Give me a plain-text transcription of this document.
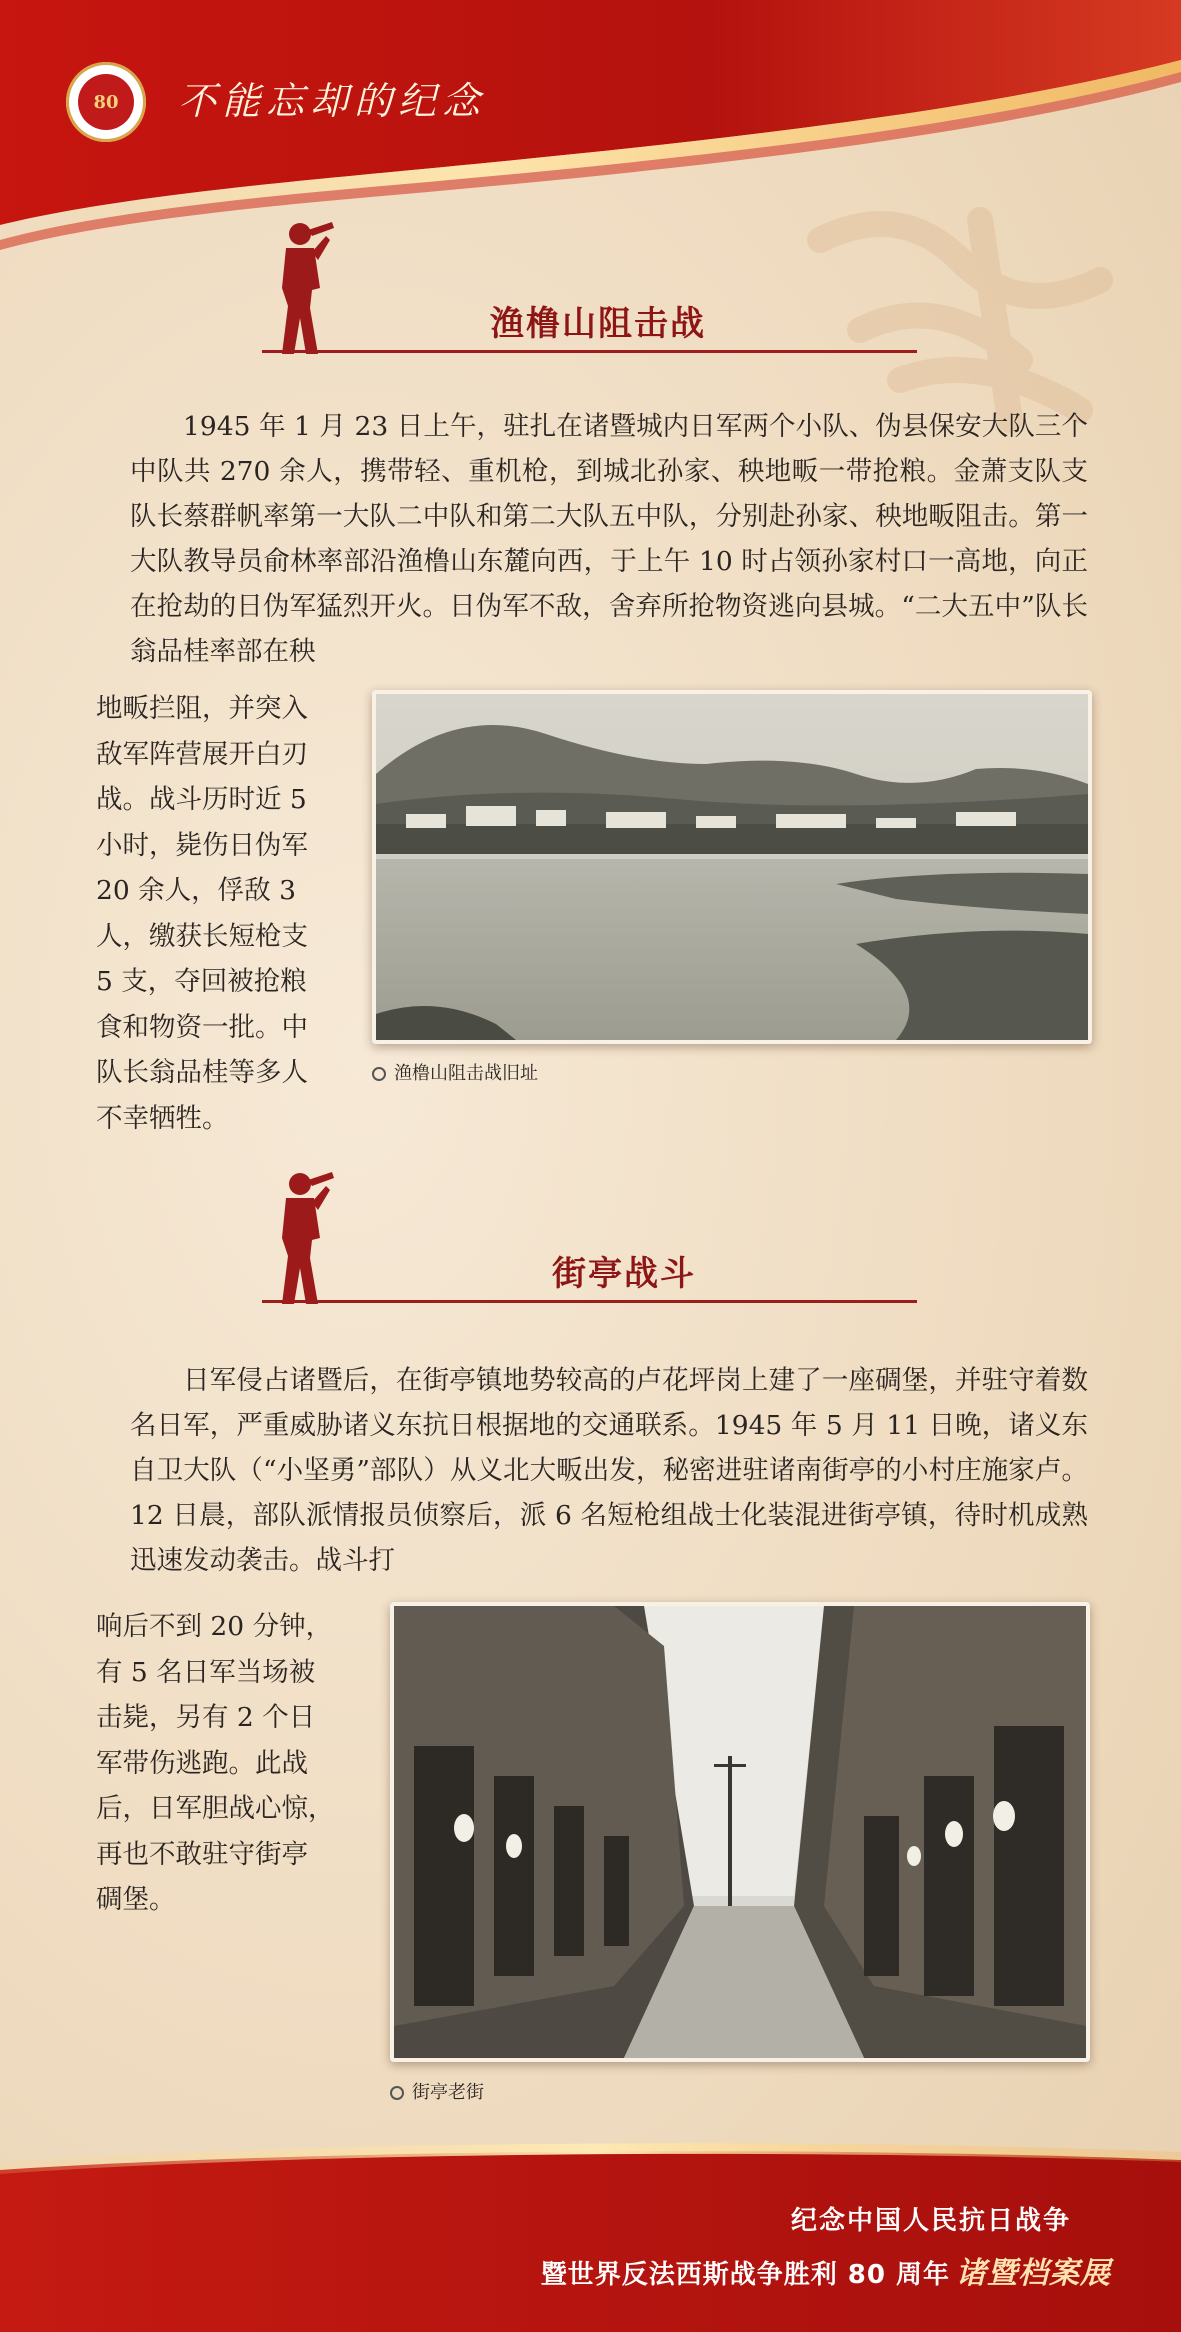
80	不能忘却的纪念
渔橹山阻击战

1945 年 1 月 23 日上午，驻扎在诸暨城内日军两个小队、伪县保安大队三个中队共 270 余人，携带轻、重机枪，到城北孙家、秧地畈一带抢粮。金萧支队支队长蔡群帆率第一大队二中队和第二大队五中队，分别赴孙家、秧地畈阻击。第一大队教导员俞林率部沿渔橹山东麓向西，于上午 10 时占领孙家村口一高地，向正在抢劫的日伪军猛烈开火。日伪军不敌，舍弃所抢物资逃向县城。“二大五中”队长翁品桂率部在秧

地畈拦阻，并突入
敌军阵营展开白刃
战。战斗历时近 5
小时，毙伤日伪军
20 余人，俘敌 3
人，缴获长短枪支
5 支，夺回被抢粮
食和物资一批。中
队长翁品桂等多人
不幸牺牲。
渔橹山阻击战旧址
街亭战斗

日军侵占诸暨后，在街亭镇地势较高的卢花坪岗上建了一座碉堡，并驻守着数名日军，严重威胁诸义东抗日根据地的交通联系。1945 年 5 月 11 日晚，诸义东自卫大队（“小坚勇”部队）从义北大畈出发，秘密进驻诸南街亭的小村庄施家卢。12 日晨，部队派情报员侦察后，派 6 名短枪组战士化装混进街亭镇，待时机成熟迅速发动袭击。战斗打

响后不到 20 分钟，
有 5 名日军当场被
击毙，另有 2 个日
军带伤逃跑。此战
后，日军胆战心惊，
再也不敢驻守街亭
碉堡。
街亭老街
纪念中国人民抗日战争
暨世界反法西斯战争胜利 80 周年 诸暨档案展
